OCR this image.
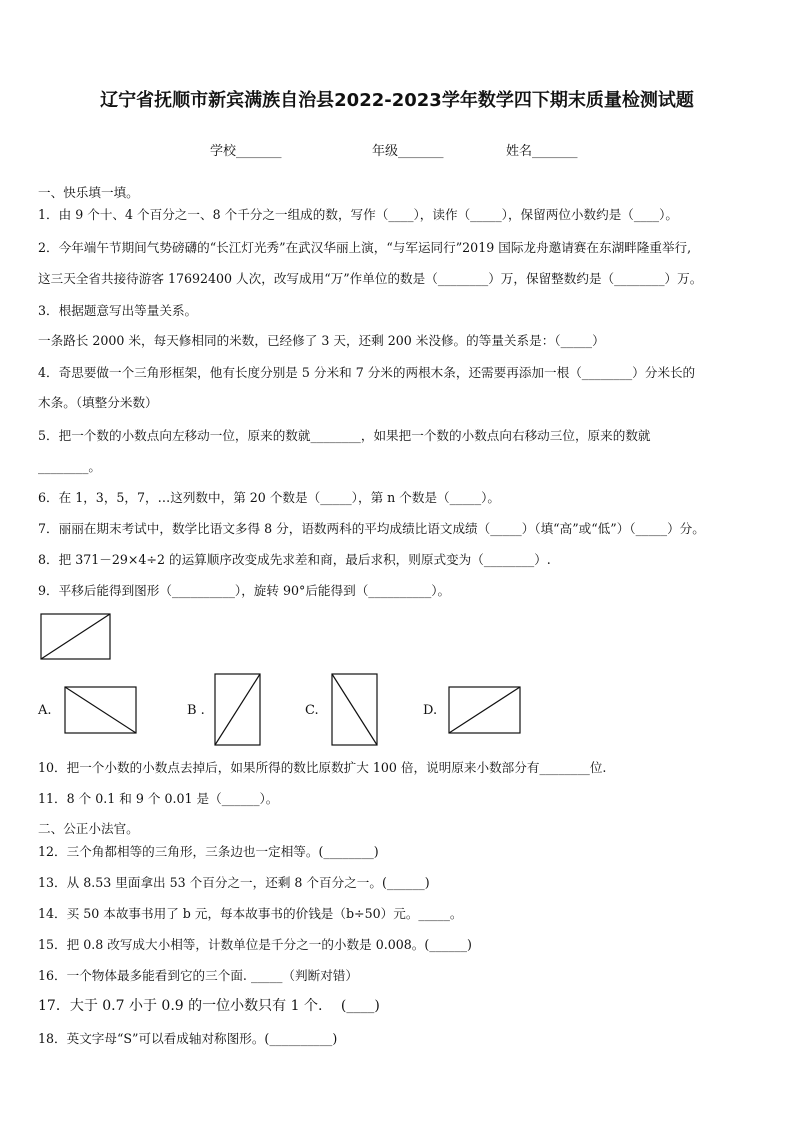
辽宁省抚顺市新宾满族自治县2022-2023学年数学四下期末质量检测试题
学校_______	年级_______	姓名_______
一、快乐填一填。
1．由 9 个十、4 个百分之一、8 个千分之一组成的数，写作（____），读作（_____），保留两位小数约是（____）。
2．今年端午节期间气势磅礴的“长江灯光秀”在武汉华丽上演，“与军运同行”2019 国际龙舟邀请赛在东湖畔隆重举行,
这三天全省共接待游客 17692400 人次，改写成用“万”作单位的数是（________）万，保留整数约是（________）万。
3．根据题意写出等量关系。
一条路长 2000 米，每天修相同的米数，已经修了 3 天，还剩 200 米没修。的等量关系是：（_____）
4．奇思要做一个三角形框架，他有长度分别是 5 分米和 7 分米的两根木条，还需要再添加一根（________）分米长的
木条。（填整分米数）
5．把一个数的小数点向左移动一位，原来的数就________，如果把一个数的小数点向右移动三位，原来的数就
________。
6．在 1，3，5，7，…这列数中，第 20 个数是（_____），第 n 个数是（_____）。
7．丽丽在期末考试中，数学比语文多得 8 分，语数两科的平均成绩比语文成绩（_____）（填“高”或“低”）（_____）分。
8．把 371－29×4÷2 的运算顺序改变成先求差和商，最后求积，则原式变为（________）.
9．平移后能得到图形（__________），旋转 90°后能得到（__________）。
A.	B .	C.	D.
10．把一个小数的小数点去掉后，如果所得的数比原数扩大 100 倍，说明原来小数部分有________位.
11．8 个 0.1 和 9 个 0.01 是（______）。
二、公正小法官。
12．三个角都相等的三角形，三条边也一定相等。(________)
13．从 8.53 里面拿出 53 个百分之一，还剩 8 个百分之一。(______)
14．买 50 本故事书用了 b 元，每本故事书的价钱是（b÷50）元。_____。
15．把 0.8 改写成大小相等，计数单位是千分之一的小数是 0.008。(______)
16．一个物体最多能看到它的三个面. _____（判断对错）
17．大于 0.7 小于 0.9 的一位小数只有 1 个.　 (____)
18．英文字母“S”可以看成轴对称图形。(__________)
